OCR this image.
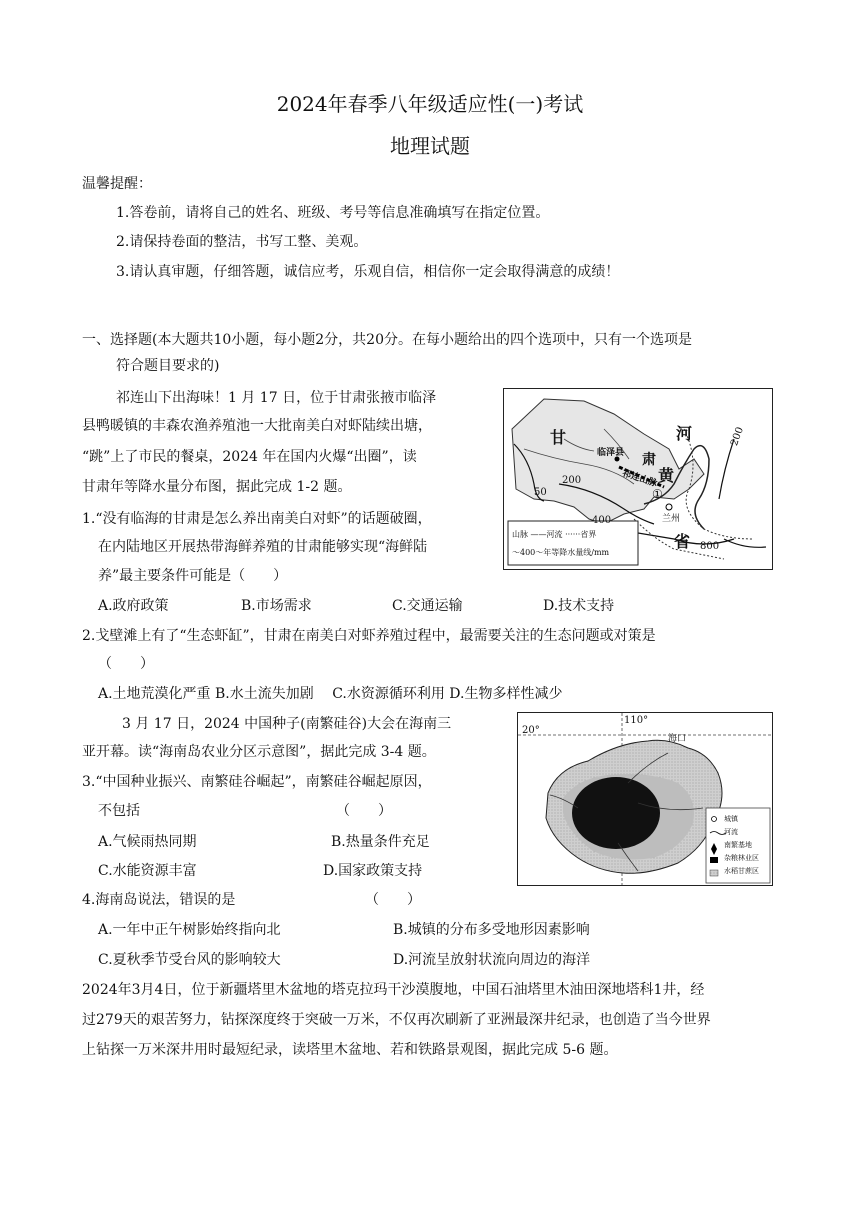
2024年春季八年级适应性(一)考试
地理试题
温馨提醒：
1.答卷前，请将自己的姓名、班级、考号等信息准确填写在指定位置。
2.请保持卷面的整洁，书写工整、美观。
3.请认真审题，仔细答题，诚信应考，乐观自信，相信你一定会取得满意的成绩！
一、选择题(本大题共10小题，每小题2分，共20分。在每小题给出的四个选项中，只有一个选项是
符合题目要求的)
祁连山下出海味！1 月 17 日，位于甘肃张掖市临泽
县鸭暖镇的丰森农渔养殖池一大批南美白对虾陆续出塘，
“跳”上了市民的餐桌，2024 年在国内火爆“出圈”，读
甘肃年等降水量分布图，据此完成 1-2 题。
甘
肃
河
黄
省
临泽县
祁连山脉
兰州
①
50
200
200
400
800
山脉 ——河流 ······省界
～400～年等降水量线/mm
1.“没有临海的甘肃是怎么养出南美白对虾”的话题破圈，
在内陆地区开展热带海鲜养殖的甘肃能够实现“海鲜陆
养”最主要条件可能是（　　）
A.政府政策	B.市场需求	C.交通运输	D.技术支持
2.戈壁滩上有了“生态虾缸”，甘肃在南美白对虾养殖过程中，最需要关注的生态问题或对策是
（　　）
A.土地荒漠化严重 B.水土流失加剧　 C.水资源循环利用 D.生物多样性减少
3 月 17 日，2024 中国种子(南繁硅谷)大会在海南三
亚开幕。读“海南岛农业分区示意图”，据此完成 3-4 题。
110°
20°
海口
城镇
河流
南繁基地
杂粮林业区
水稻甘蔗区
3.“中国种业振兴、南繁硅谷崛起”，南繁硅谷崛起原因，
不包括	（　　）
A.气候雨热同期	B.热量条件充足
C.水能资源丰富	D.国家政策支持
4.海南岛说法，错误的是	（　　）
A.一年中正午树影始终指向北	B.城镇的分布多受地形因素影响
C.夏秋季节受台风的影响较大	D.河流呈放射状流向周边的海洋
2024年3月4日，位于新疆塔里木盆地的塔克拉玛干沙漠腹地，中国石油塔里木油田深地塔科1井，经
过279天的艰苦努力，钻探深度终于突破一万米，不仅再次刷新了亚洲最深井纪录，也创造了当今世界
上钻探一万米深井用时最短纪录，读塔里木盆地、若和铁路景观图，据此完成 5-6 题。
